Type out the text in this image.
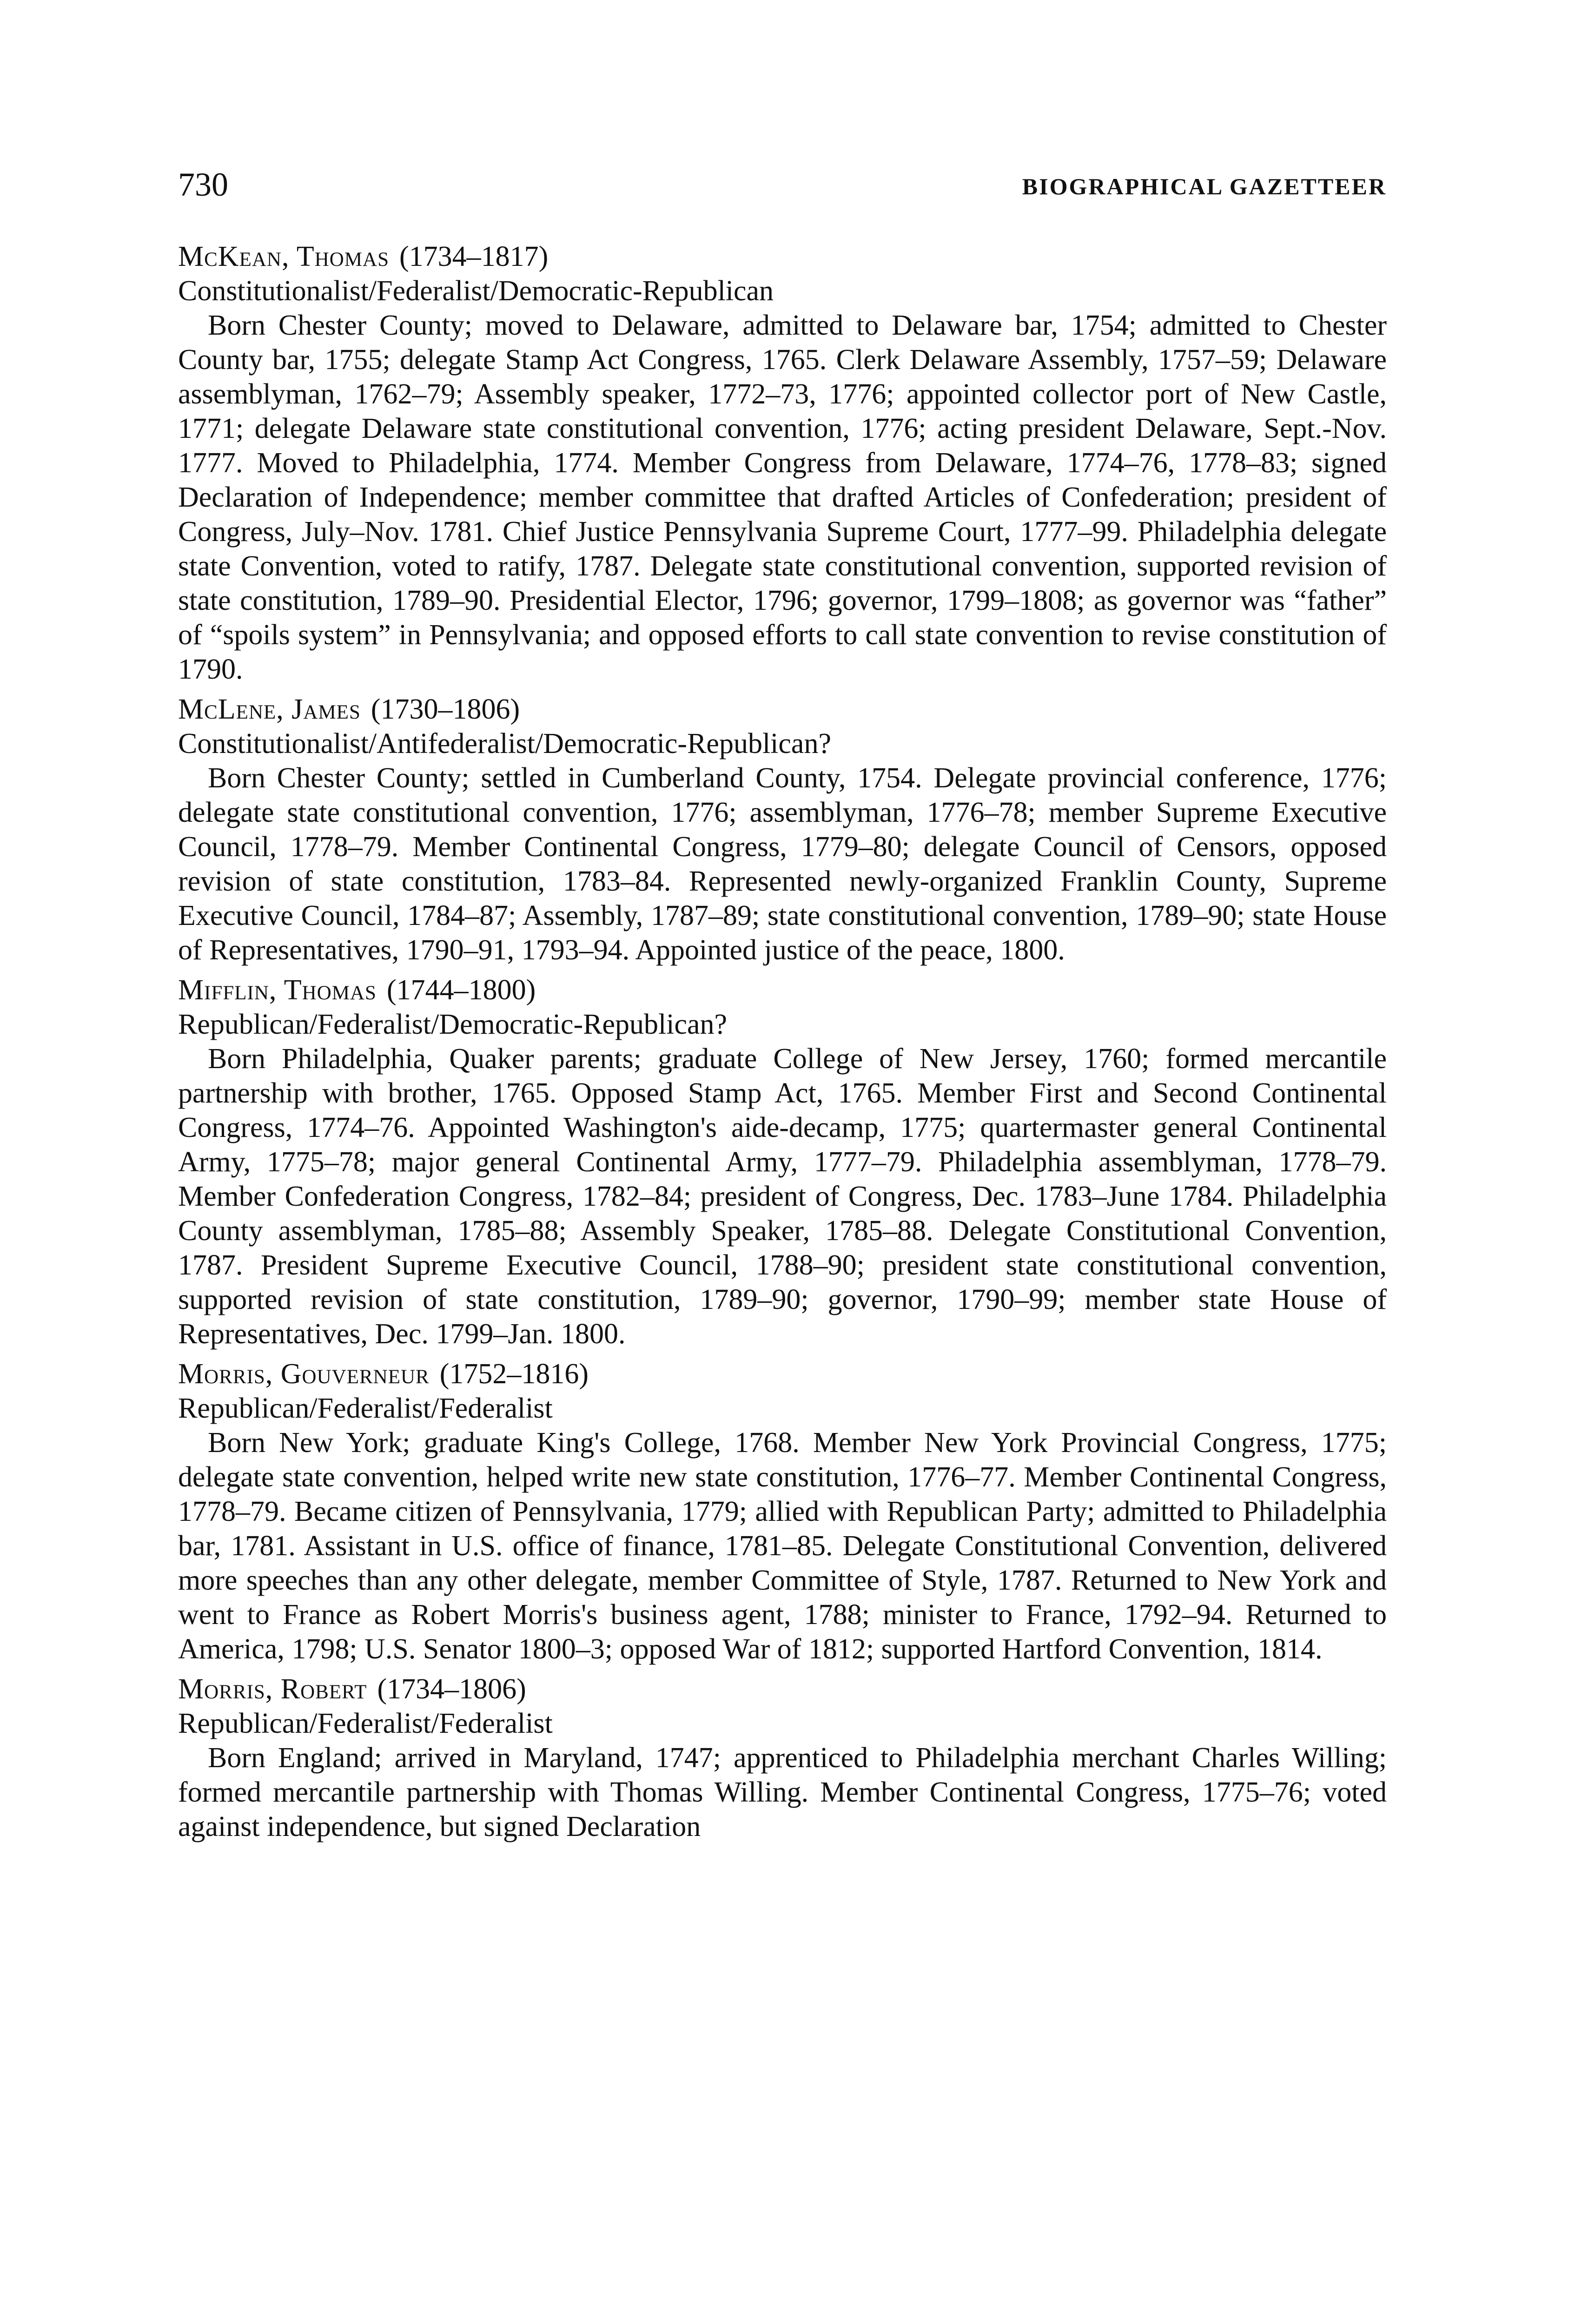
730	BIOGRAPHICAL GAZETTEER
McKean, Thomas (1734–1817)
Constitutionalist/Federalist/Democratic-Republican

Born Chester County; moved to Delaware, admitted to Delaware bar, 1754; admitted to Chester County bar, 1755; delegate Stamp Act Congress, 1765. Clerk Delaware Assembly, 1757–59; Delaware assemblyman, 1762–79; Assembly speaker, 1772–73, 1776; appointed collector port of New Castle, 1771; delegate Delaware state constitutional convention, 1776; acting president Delaware, Sept.-Nov. 1777. Moved to Philadelphia, 1774. Member Congress from Delaware, 1774–76, 1778–83; signed Declaration of Independence; member committee that drafted Articles of Confederation; president of Congress, July–Nov. 1781. Chief Justice Pennsylvania Supreme Court, 1777–99. Philadelphia delegate state Convention, voted to ratify, 1787. Delegate state constitutional convention, supported revision of state constitution, 1789–90. Presidential Elector, 1796; governor, 1799–1808; as governor was “father” of “spoils system” in Pennsylvania; and opposed efforts to call state convention to revise constitution of 1790.

McLene, James (1730–1806)
Constitutionalist/Antifederalist/Democratic-Republican?

Born Chester County; settled in Cumberland County, 1754. Delegate provincial conference, 1776; delegate state constitutional convention, 1776; assemblyman, 1776–78; member Supreme Executive Council, 1778–79. Member Continental Congress, 1779–80; delegate Council of Censors, opposed revision of state constitution, 1783–84. Represented newly-organized Franklin County, Supreme Executive Council, 1784–87; Assembly, 1787–89; state constitutional convention, 1789–90; state House of Representatives, 1790–91, 1793–94. Appointed justice of the peace, 1800.

Mifflin, Thomas (1744–1800)
Republican/Federalist/Democratic-Republican?

Born Philadelphia, Quaker parents; graduate College of New Jersey, 1760; formed mercantile partnership with brother, 1765. Opposed Stamp Act, 1765. Member First and Second Continental Congress, 1774–76. Appointed Washington's aide-decamp, 1775; quartermaster general Continental Army, 1775–78; major general Continental Army, 1777–79. Philadelphia assemblyman, 1778–79. Member Confederation Congress, 1782–84; president of Congress, Dec. 1783–June 1784. Philadelphia County assemblyman, 1785–88; Assembly Speaker, 1785–88. Delegate Constitutional Convention, 1787. President Supreme Executive Council, 1788–90; president state constitutional convention, supported revision of state constitution, 1789–90; governor, 1790–99; member state House of Representatives, Dec. 1799–Jan. 1800.

Morris, Gouverneur (1752–1816)
Republican/Federalist/Federalist

Born New York; graduate King's College, 1768. Member New York Provincial Congress, 1775; delegate state convention, helped write new state constitution, 1776–77. Member Continental Congress, 1778–79. Became citizen of Pennsylvania, 1779; allied with Republican Party; admitted to Philadelphia bar, 1781. Assistant in U.S. office of finance, 1781–85. Delegate Constitutional Convention, delivered more speeches than any other delegate, member Committee of Style, 1787. Returned to New York and went to France as Robert Morris's business agent, 1788; minister to France, 1792–94. Returned to America, 1798; U.S. Senator 1800–3; opposed War of 1812; supported Hartford Convention, 1814.

Morris, Robert (1734–1806)
Republican/Federalist/Federalist

Born England; arrived in Maryland, 1747; apprenticed to Philadelphia merchant Charles Willing; formed mercantile partnership with Thomas Willing. Member Continental Congress, 1775–76; voted against independence, but signed Declaration
